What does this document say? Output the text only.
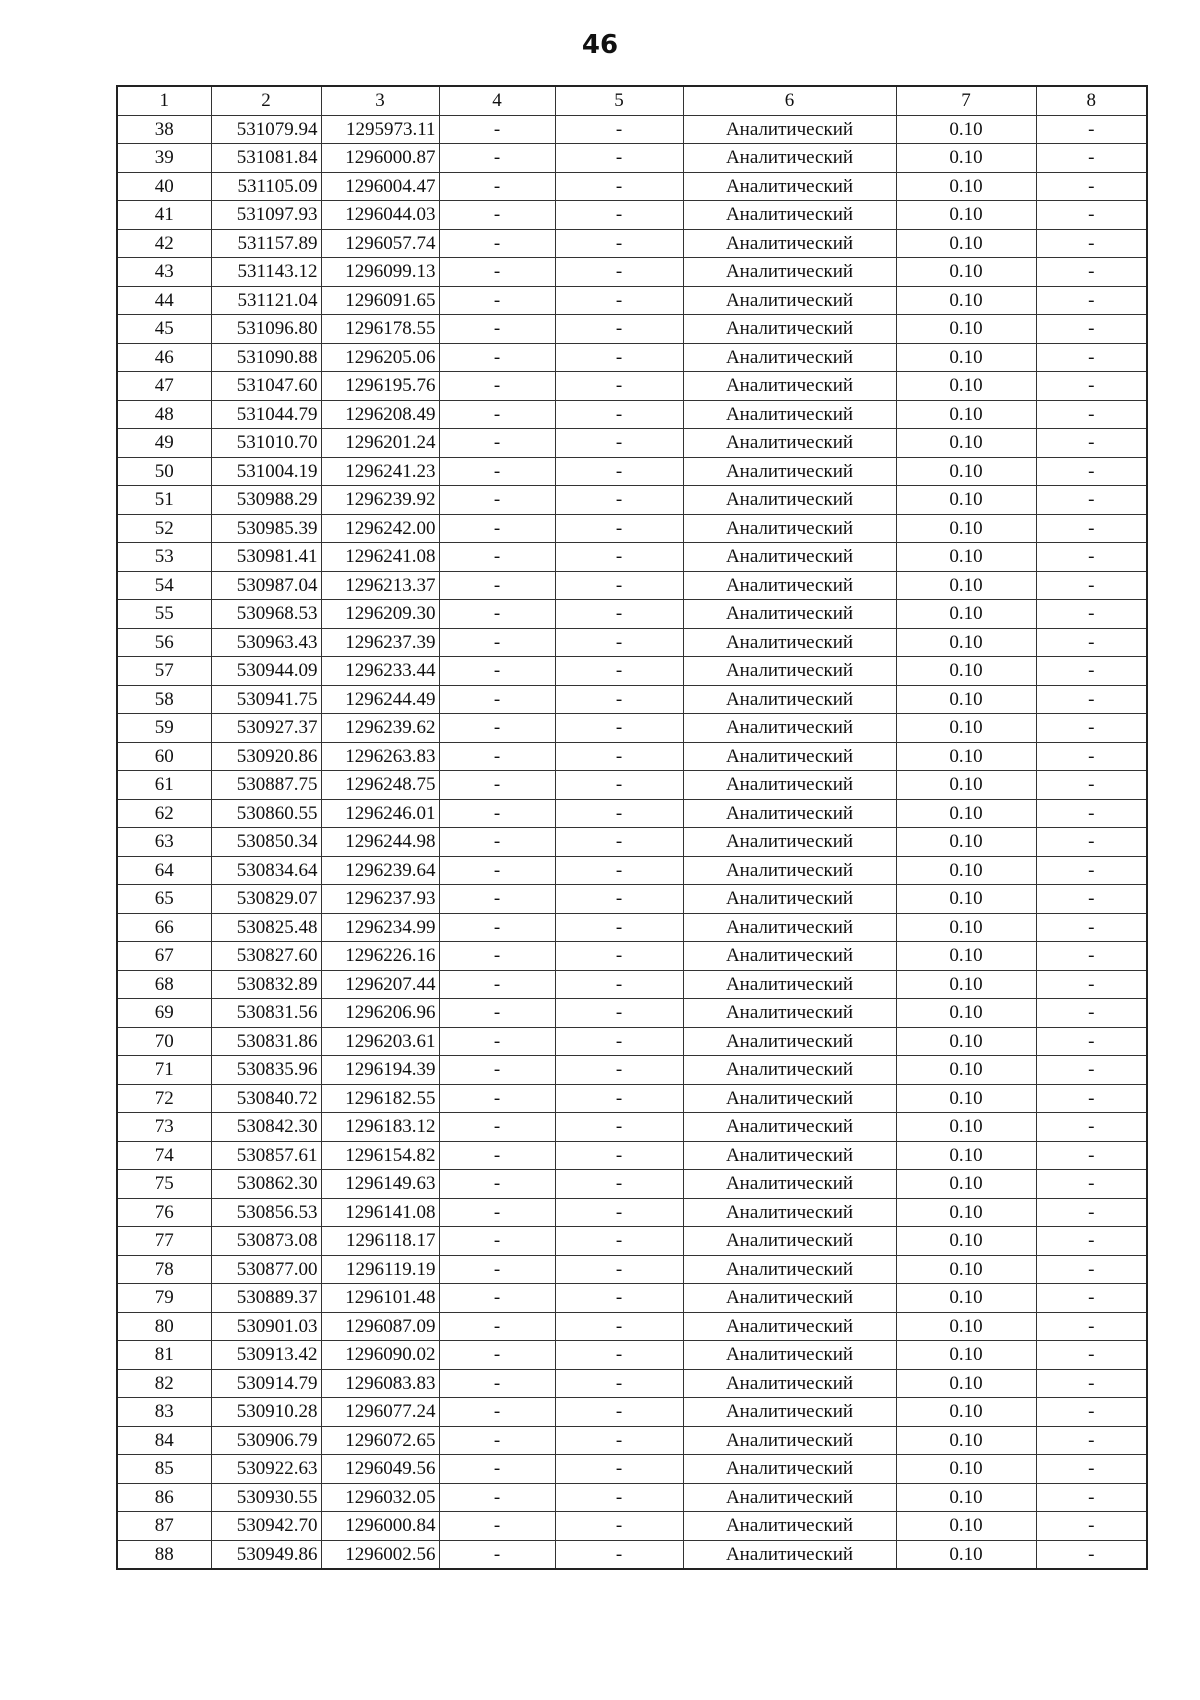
46
1	2	3	4	5	6	7	8
38	531079.94	1295973.11	-	-	Аналитический	0.10	-
39	531081.84	1296000.87	-	-	Аналитический	0.10	-
40	531105.09	1296004.47	-	-	Аналитический	0.10	-
41	531097.93	1296044.03	-	-	Аналитический	0.10	-
42	531157.89	1296057.74	-	-	Аналитический	0.10	-
43	531143.12	1296099.13	-	-	Аналитический	0.10	-
44	531121.04	1296091.65	-	-	Аналитический	0.10	-
45	531096.80	1296178.55	-	-	Аналитический	0.10	-
46	531090.88	1296205.06	-	-	Аналитический	0.10	-
47	531047.60	1296195.76	-	-	Аналитический	0.10	-
48	531044.79	1296208.49	-	-	Аналитический	0.10	-
49	531010.70	1296201.24	-	-	Аналитический	0.10	-
50	531004.19	1296241.23	-	-	Аналитический	0.10	-
51	530988.29	1296239.92	-	-	Аналитический	0.10	-
52	530985.39	1296242.00	-	-	Аналитический	0.10	-
53	530981.41	1296241.08	-	-	Аналитический	0.10	-
54	530987.04	1296213.37	-	-	Аналитический	0.10	-
55	530968.53	1296209.30	-	-	Аналитический	0.10	-
56	530963.43	1296237.39	-	-	Аналитический	0.10	-
57	530944.09	1296233.44	-	-	Аналитический	0.10	-
58	530941.75	1296244.49	-	-	Аналитический	0.10	-
59	530927.37	1296239.62	-	-	Аналитический	0.10	-
60	530920.86	1296263.83	-	-	Аналитический	0.10	-
61	530887.75	1296248.75	-	-	Аналитический	0.10	-
62	530860.55	1296246.01	-	-	Аналитический	0.10	-
63	530850.34	1296244.98	-	-	Аналитический	0.10	-
64	530834.64	1296239.64	-	-	Аналитический	0.10	-
65	530829.07	1296237.93	-	-	Аналитический	0.10	-
66	530825.48	1296234.99	-	-	Аналитический	0.10	-
67	530827.60	1296226.16	-	-	Аналитический	0.10	-
68	530832.89	1296207.44	-	-	Аналитический	0.10	-
69	530831.56	1296206.96	-	-	Аналитический	0.10	-
70	530831.86	1296203.61	-	-	Аналитический	0.10	-
71	530835.96	1296194.39	-	-	Аналитический	0.10	-
72	530840.72	1296182.55	-	-	Аналитический	0.10	-
73	530842.30	1296183.12	-	-	Аналитический	0.10	-
74	530857.61	1296154.82	-	-	Аналитический	0.10	-
75	530862.30	1296149.63	-	-	Аналитический	0.10	-
76	530856.53	1296141.08	-	-	Аналитический	0.10	-
77	530873.08	1296118.17	-	-	Аналитический	0.10	-
78	530877.00	1296119.19	-	-	Аналитический	0.10	-
79	530889.37	1296101.48	-	-	Аналитический	0.10	-
80	530901.03	1296087.09	-	-	Аналитический	0.10	-
81	530913.42	1296090.02	-	-	Аналитический	0.10	-
82	530914.79	1296083.83	-	-	Аналитический	0.10	-
83	530910.28	1296077.24	-	-	Аналитический	0.10	-
84	530906.79	1296072.65	-	-	Аналитический	0.10	-
85	530922.63	1296049.56	-	-	Аналитический	0.10	-
86	530930.55	1296032.05	-	-	Аналитический	0.10	-
87	530942.70	1296000.84	-	-	Аналитический	0.10	-
88	530949.86	1296002.56	-	-	Аналитический	0.10	-
